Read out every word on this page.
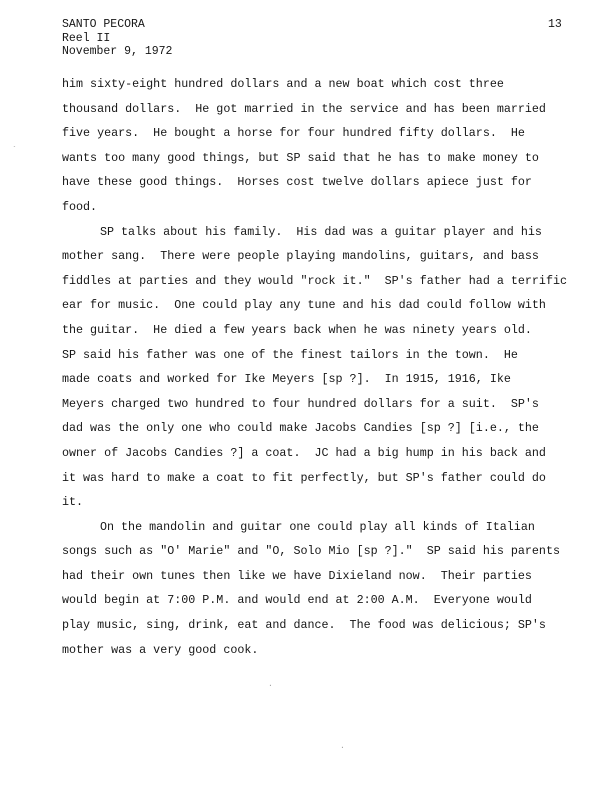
SANTO PECORA
Reel II
November 9, 1972
13
him sixty-eight hundred dollars and a new boat which cost three
thousand dollars.  He got married in the service and has been married
five years.  He bought a horse for four hundred fifty dollars.  He
wants too many good things, but SP said that he has to make money to
have these good things.  Horses cost twelve dollars apiece just for
food.
SP talks about his family.  His dad was a guitar player and his
mother sang.  There were people playing mandolins, guitars, and bass
fiddles at parties and they would "rock it."  SP's father had a terrific
ear for music.  One could play any tune and his dad could follow with
the guitar.  He died a few years back when he was ninety years old.
SP said his father was one of the finest tailors in the town.  He
made coats and worked for Ike Meyers [sp ?].  In 1915, 1916, Ike
Meyers charged two hundred to four hundred dollars for a suit.  SP's
dad was the only one who could make Jacobs Candies [sp ?] [i.e., the
owner of Jacobs Candies ?] a coat.  JC had a big hump in his back and
it was hard to make a coat to fit perfectly, but SP's father could do
it.
On the mandolin and guitar one could play all kinds of Italian
songs such as "O' Marie" and "O, Solo Mio [sp ?]."  SP said his parents
had their own tunes then like we have Dixieland now.  Their parties
would begin at 7:00 P.M. and would end at 2:00 A.M.  Everyone would
play music, sing, drink, eat and dance.  The food was delicious; SP's
mother was a very good cook.
`
.
.
